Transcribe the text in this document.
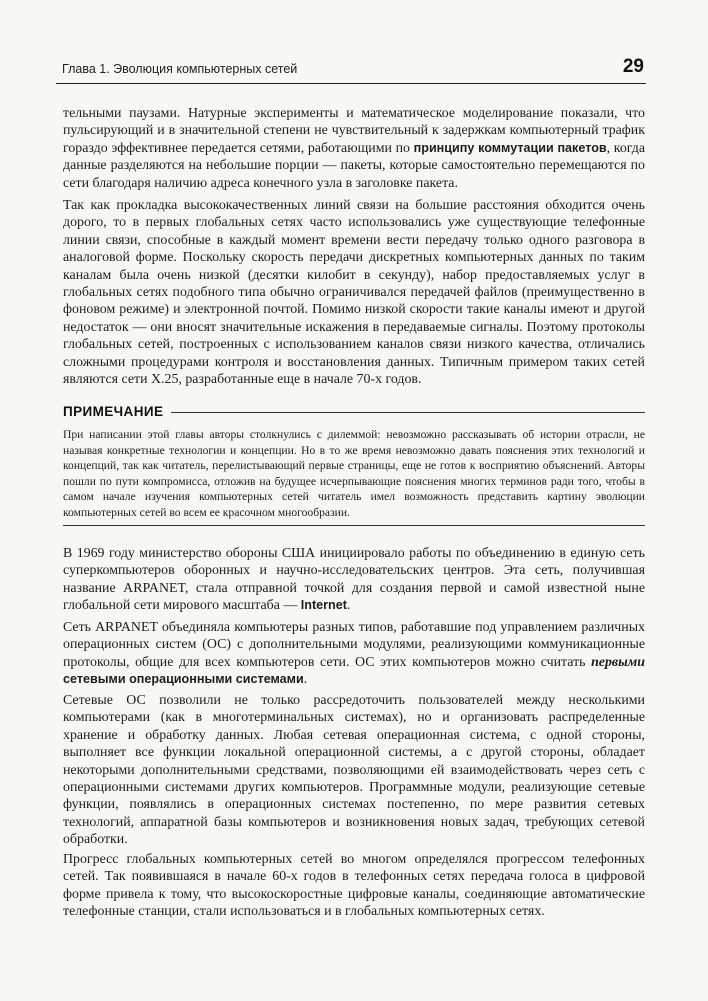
Глава 1. Эволюция компьютерных сетей	29

тельными паузами. Натурные эксперименты и математическое моделирование показали, что пульсирующий и в значительной степени не чувствительный к задержкам компьютерный трафик гораздо эффективнее передается сетями, работающими по принципу коммутации пакетов, когда данные разделяются на небольшие порции — пакеты, которые самостоятельно перемещаются по сети благодаря наличию адреса конечного узла в заголовке пакета.

Так как прокладка высококачественных линий связи на большие расстояния обходится очень дорого, то в первых глобальных сетях часто использовались уже существующие телефонные линии связи, способные в каждый момент времени вести передачу только одного разговора в аналоговой форме. Поскольку скорость передачи дискретных компьютерных данных по таким каналам была очень низкой (десятки килобит в секунду), набор предоставляемых услуг в глобальных сетях подобного типа обычно ограничивался передачей файлов (преимущественно в фоновом режиме) и электронной почтой. Помимо низкой скорости такие каналы имеют и другой недостаток — они вносят значительные искажения в передаваемые сигналы. Поэтому протоколы глобальных сетей, построенных с использованием каналов связи низкого качества, отличались сложными процедурами контроля и восстановления данных. Типичным примером таких сетей являются сети X.25, разработанные еще в начале 70-х годов.

ПРИМЕЧАНИЕ

При написании этой главы авторы столкнулись с дилеммой: невозможно рассказывать об истории отрасли, не называя конкретные технологии и концепции. Но в то же время невозможно давать пояснения этих технологий и концепций, так как читатель, перелистывающий первые страницы, еще не готов к восприятию объяснений. Авторы пошли по пути компромисса, отложив на будущее исчерпывающие пояснения многих терминов ради того, чтобы в самом начале изучения компьютерных сетей читатель имел возможность представить картину эволюции компьютерных сетей во всем ее красочном многообразии.

В 1969 году министерство обороны США инициировало работы по объединению в единую сеть суперкомпьютеров оборонных и научно-исследовательских центров. Эта сеть, получившая название ARPANET, стала отправной точкой для создания первой и самой известной ныне глобальной сети мирового масштаба — Internet.

Сеть ARPANET объединяла компьютеры разных типов, работавшие под управлением различных операционных систем (ОС) с дополнительными модулями, реализующими коммуникационные протоколы, общие для всех компьютеров сети. ОС этих компьютеров можно считать первыми сетевыми операционными системами.

Сетевые ОС позволили не только рассредоточить пользователей между несколькими компьютерами (как в многотерминальных системах), но и организовать распределенные хранение и обработку данных. Любая сетевая операционная система, с одной стороны, выполняет все функции локальной операционной системы, а с другой стороны, обладает некоторыми дополнительными средствами, позволяющими ей взаимодействовать через сеть с операционными системами других компьютеров. Программные модули, реализующие сетевые функции, появлялись в операционных системах постепенно, по мере развития сетевых технологий, аппаратной базы компьютеров и возникновения новых задач, требующих сетевой обработки.

Прогресс глобальных компьютерных сетей во многом определялся прогрессом телефонных сетей. Так появившаяся в начале 60-х годов в телефонных сетях передача голоса в цифровой форме привела к тому, что высокоскоростные цифровые каналы, соединяющие автоматические телефонные станции, стали использоваться и в глобальных компьютерных сетях.
